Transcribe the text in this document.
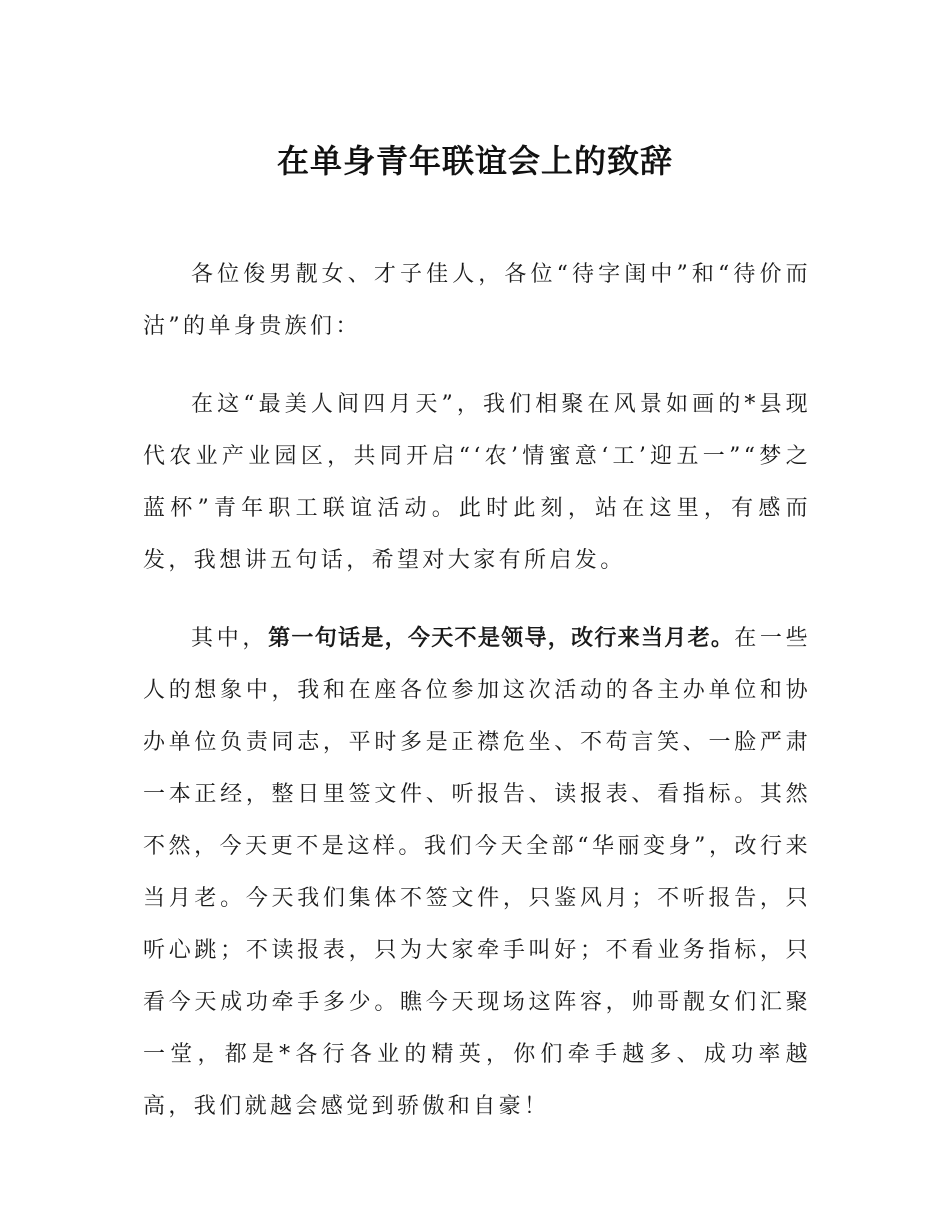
在单身青年联谊会上的致辞

各位俊男靓女、才子佳人，各位“待字闺中”和“待价而沽”的单身贵族们：

在这“最美人间四月天”，我们相聚在风景如画的*县现代农业产业园区，共同开启“‘农’情蜜意‘工’迎五一”“梦之蓝杯”青年职工联谊活动。此时此刻，站在这里，有感而发，我想讲五句话，希望对大家有所启发。

其中，第一句话是，今天不是领导，改行来当月老。在一些人的想象中，我和在座各位参加这次活动的各主办单位和协办单位负责同志，平时多是正襟危坐、不苟言笑、一脸严肃一本正经，整日里签文件、听报告、读报表、看指标。其然不然，今天更不是这样。我们今天全部“华丽变身”，改行来当月老。今天我们集体不签文件，只鉴风月；不听报告，只听心跳；不读报表，只为大家牵手叫好；不看业务指标，只看今天成功牵手多少。瞧今天现场这阵容，帅哥靓女们汇聚一堂，都是*各行各业的精英，你们牵手越多、成功率越高，我们就越会感觉到骄傲和自豪！
